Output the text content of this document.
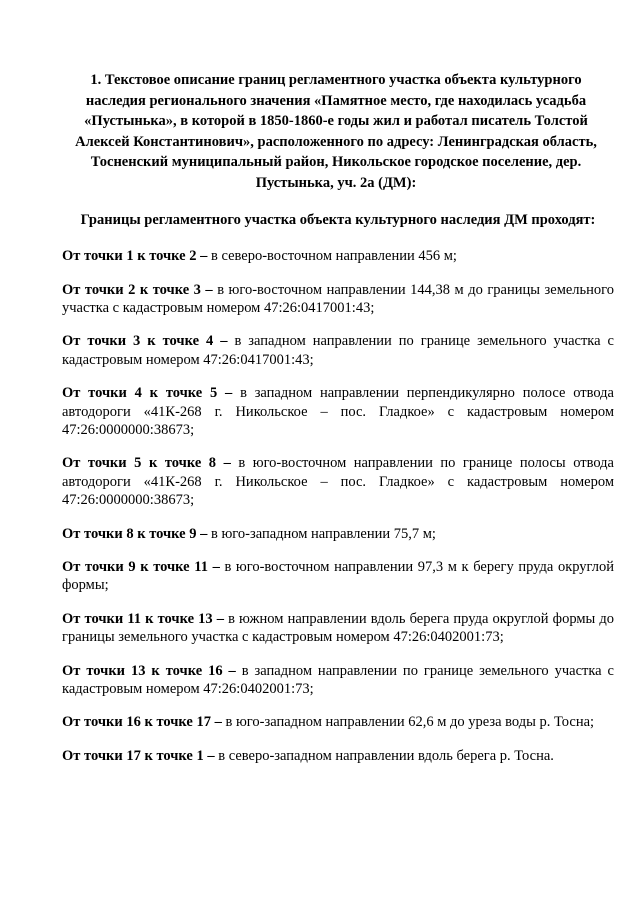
1. Текстовое описание границ регламентного участка объекта культурного наследия регионального значения «Памятное место, где находилась усадьба «Пустынька», в которой в 1850-1860-е годы жил и работал писатель Толстой Алексей Константинович», расположенного по адресу: Ленинградская область, Тосненский муниципальный район, Никольское городское поселение, дер. Пустынька, уч. 2а (ДМ):

Границы регламентного участка объекта культурного наследия ДМ проходят:

От точки 1 к точке 2 – в северо-восточном направлении 456 м;

От точки 2 к точке 3 – в юго-восточном направлении 144,38 м до границы земельного участка с кадастровым номером 47:26:0417001:43;

От точки 3 к точке 4 – в западном направлении по границе земельного участка с кадастровым номером 47:26:0417001:43;

От точки 4 к точке 5 – в западном направлении перпендикулярно полосе отвода автодороги «41К-268 г. Никольское – пос. Гладкое» с кадастровым номером 47:26:0000000:38673;

От точки 5 к точке 8 – в юго-восточном направлении по границе полосы отвода автодороги «41К-268 г. Никольское – пос. Гладкое» с кадастровым номером 47:26:0000000:38673;

От точки 8 к точке 9 – в юго-западном направлении 75,7 м;

От точки 9 к точке 11 – в юго-восточном направлении 97,3 м к берегу пруда округлой формы;

От точки 11 к точке 13 – в южном направлении вдоль берега пруда округлой формы до границы земельного участка с кадастровым номером 47:26:0402001:73;

От точки 13 к точке 16 – в западном направлении по границе земельного участка с кадастровым номером 47:26:0402001:73;

От точки 16 к точке 17 – в юго-западном направлении 62,6 м до уреза воды р. Тосна;

От точки 17 к точке 1 – в северо-западном направлении вдоль берега р. Тосна.
